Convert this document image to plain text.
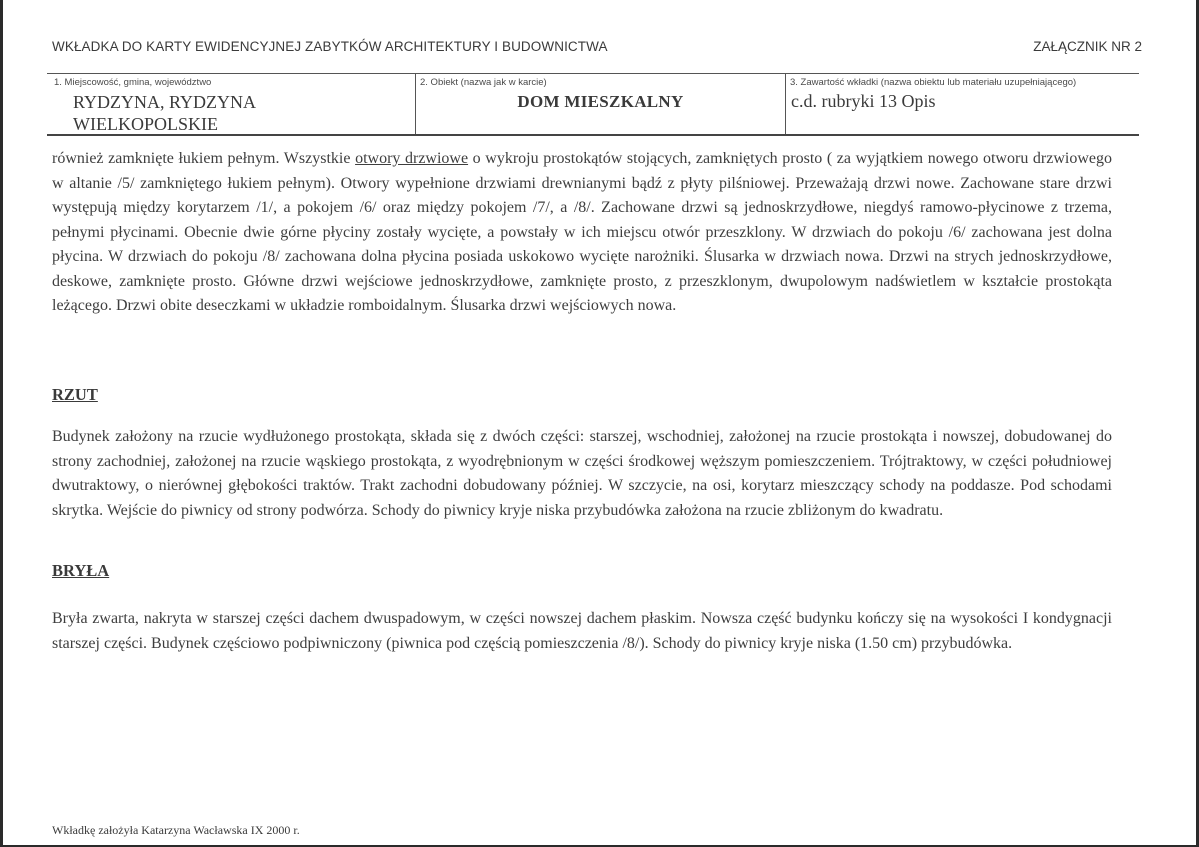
WKŁADKA DO KARTY EWIDENCYJNEJ ZABYTKÓW ARCHITEKTURY I BUDOWNICTWA	ZAŁĄCZNIK NR 2
1. Miejscowość, gmina, województwo
RYDZYNA, RYDZYNA
WIELKOPOLSKIE
2. Obiekt (nazwa jak w karcie)
DOM MIESZKALNY
3. Zawartość wkładki (nazwa obiektu lub materiału uzupełniającego)
c.d. rubryki 13 Opis

również zamknięte łukiem pełnym. Wszystkie otwory drzwiowe o wykroju prostokątów stojących, zamkniętych prosto ( za wyjątkiem nowego otworu drzwiowego w altanie /5/ zamkniętego łukiem pełnym). Otwory wypełnione drzwiami drewnianymi bądź z płyty pilśniowej. Przeważają drzwi nowe. Zachowane stare drzwi występują między korytarzem /1/, a pokojem /6/ oraz między pokojem /7/, a /8/. Zachowane drzwi są jednoskrzydłowe, niegdyś ramowo-płycinowe z trzema, pełnymi płycinami. Obecnie dwie górne płyciny zostały wycięte, a powstały w ich miejscu otwór przeszklony. W drzwiach do pokoju /6/ zachowana jest dolna płycina. W drzwiach do pokoju /8/ zachowana dolna płycina posiada uskokowo wycięte narożniki. Ślusarka w drzwiach nowa. Drzwi na strych jednoskrzydłowe, deskowe, zamknięte prosto. Główne drzwi wejściowe jednoskrzydłowe, zamknięte prosto, z przeszklonym, dwupolowym nadświetlem w kształcie prostokąta leżącego. Drzwi obite deseczkami w układzie romboidalnym. Ślusarka drzwi wejściowych nowa.

RZUT

Budynek założony na rzucie wydłużonego prostokąta, składa się z dwóch części: starszej, wschodniej, założonej na rzucie prostokąta i nowszej, dobudowanej do strony zachodniej, założonej na rzucie wąskiego prostokąta, z wyodrębnionym w części środkowej węższym pomieszczeniem. Trójtraktowy, w części południowej dwutraktowy, o nierównej głębokości traktów. Trakt zachodni dobudowany później. W szczycie, na osi, korytarz mieszczący schody na poddasze. Pod schodami skrytka. Wejście do piwnicy od strony podwórza. Schody do piwnicy kryje niska przybudówka założona na rzucie zbliżonym do kwadratu.

BRYŁA

Bryła zwarta, nakryta w starszej części dachem dwuspadowym, w części nowszej dachem płaskim. Nowsza część budynku kończy się na wysokości I kondygnacji starszej części. Budynek częściowo podpiwniczony (piwnica pod częścią pomieszczenia /8/). Schody do piwnicy kryje niska (1.50 cm) przybudówka.

Wkładkę założyła Katarzyna Wacławska IX 2000 r.
